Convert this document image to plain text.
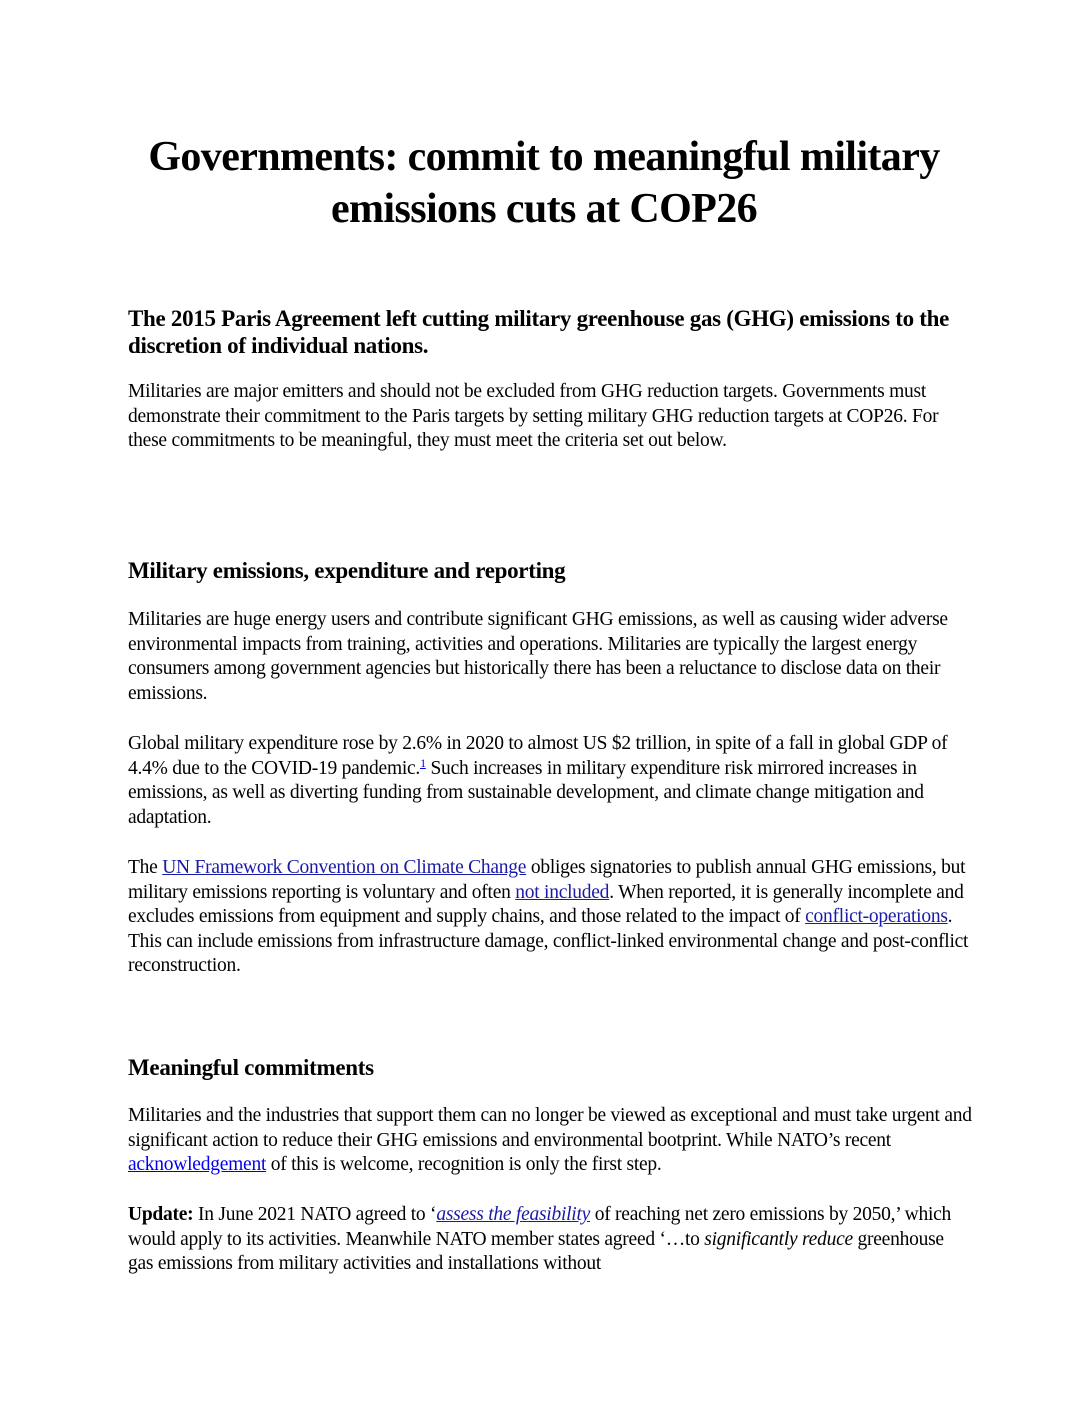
Governments: commit to meaningful military emissions cuts at COP26
The 2015 Paris Agreement left cutting military greenhouse gas (GHG) emissions to the discretion of individual nations.
Militaries are major emitters and should not be excluded from GHG reduction targets. Governments must demonstrate their commitment to the Paris targets by setting military GHG reduction targets at COP26. For these commitments to be meaningful, they must meet the criteria set out below.
Military emissions, expenditure and reporting
Militaries are huge energy users and contribute significant GHG emissions, as well as causing wider adverse environmental impacts from training, activities and operations. Militaries are typically the largest energy consumers among government agencies but historically there has been a reluctance to disclose data on their emissions.
Global military expenditure rose by 2.6% in 2020 to almost US $2 trillion, in spite of a fall in global GDP of 4.4% due to the COVID-19 pandemic.$^1$ Such increases in military expenditure risk mirrored increases in emissions, as well as diverting funding from sustainable development, and climate change mitigation and adaptation.
The UN Framework Convention on Climate Change obliges signatories to publish annual GHG emissions, but military emissions reporting is voluntary and often not included. When reported, it is generally incomplete and excludes emissions from equipment and supply chains, and those related to the impact of conflict-operations. This can include emissions from infrastructure damage, conflict-linked environmental change and post-conflict reconstruction.
Meaningful commitments
Militaries and the industries that support them can no longer be viewed as exceptional and must take urgent and significant action to reduce their GHG emissions and environmental bootprint. While NATO’s recent acknowledgement of this is welcome, recognition is only the first step.
Update: In June 2021 NATO agreed to ‘assess the feasibility of reaching net zero emissions by 2050,’ which would apply to its activities. Meanwhile NATO member states agreed ‘…to significantly reduce greenhouse gas emissions from military activities and installations without
